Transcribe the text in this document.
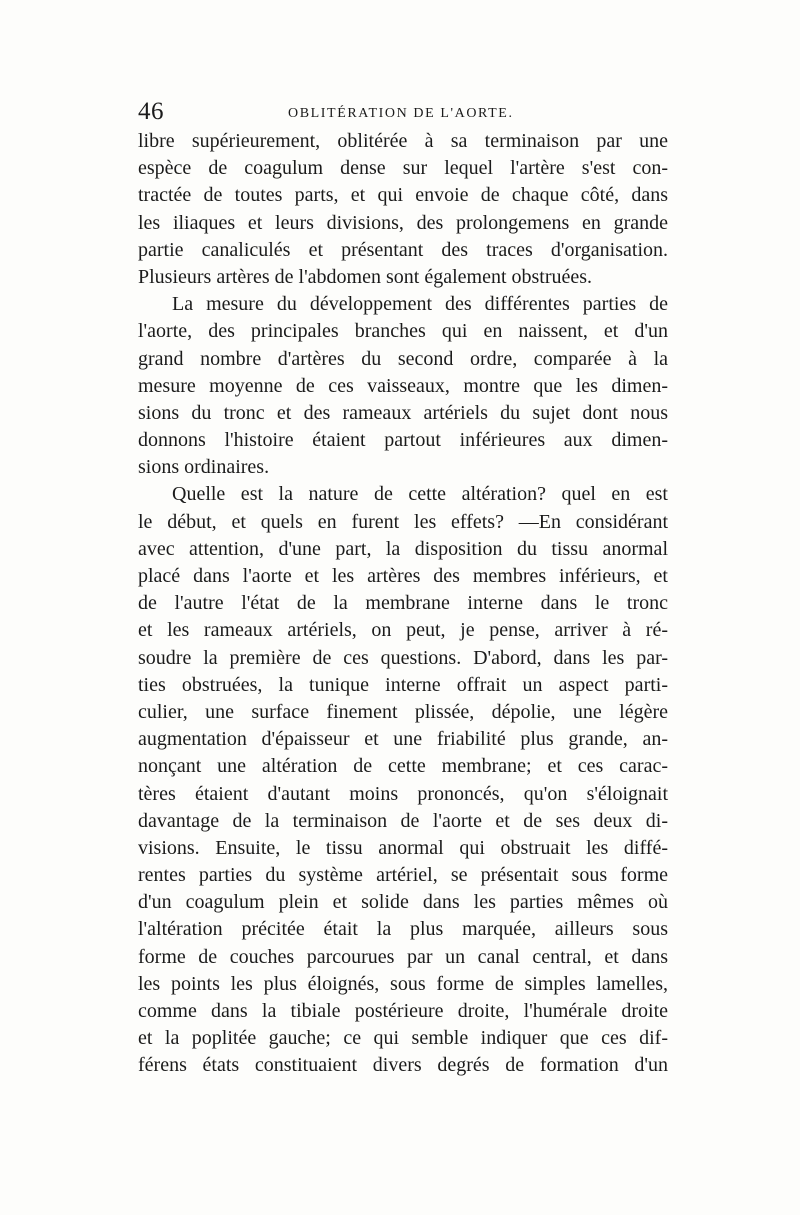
46	OBLITÉRATION DE L'AORTE.
libre supérieurement, oblitérée à sa terminaison par une
espèce de coagulum dense sur lequel l'artère s'est con-
tractée de toutes parts, et qui envoie de chaque côté, dans
les iliaques et leurs divisions, des prolongemens en grande
partie canaliculés et présentant des traces d'organisation.
Plusieurs artères de l'abdomen sont également obstruées.
La mesure du développement des différentes parties de
l'aorte, des principales branches qui en naissent, et d'un
grand nombre d'artères du second ordre, comparée à la
mesure moyenne de ces vaisseaux, montre que les dimen-
sions du tronc et des rameaux artériels du sujet dont nous
donnons l'histoire étaient partout inférieures aux dimen-
sions ordinaires.
Quelle est la nature de cette altération? quel en est
le début, et quels en furent les effets? —En considérant
avec attention, d'une part, la disposition du tissu anormal
placé dans l'aorte et les artères des membres inférieurs, et
de l'autre l'état de la membrane interne dans le tronc
et les rameaux artériels, on peut, je pense, arriver à ré-
soudre la première de ces questions. D'abord, dans les par-
ties obstruées, la tunique interne offrait un aspect parti-
culier, une surface finement plissée, dépolie, une légère
augmentation d'épaisseur et une friabilité plus grande, an-
nonçant une altération de cette membrane; et ces carac-
tères étaient d'autant moins prononcés, qu'on s'éloignait
davantage de la terminaison de l'aorte et de ses deux di-
visions. Ensuite, le tissu anormal qui obstruait les diffé-
rentes parties du système artériel, se présentait sous forme
d'un coagulum plein et solide dans les parties mêmes où
l'altération précitée était la plus marquée, ailleurs sous
forme de couches parcourues par un canal central, et dans
les points les plus éloignés, sous forme de simples lamelles,
comme dans la tibiale postérieure droite, l'humérale droite
et la poplitée gauche; ce qui semble indiquer que ces dif-
férens états constituaient divers degrés de formation d'un
